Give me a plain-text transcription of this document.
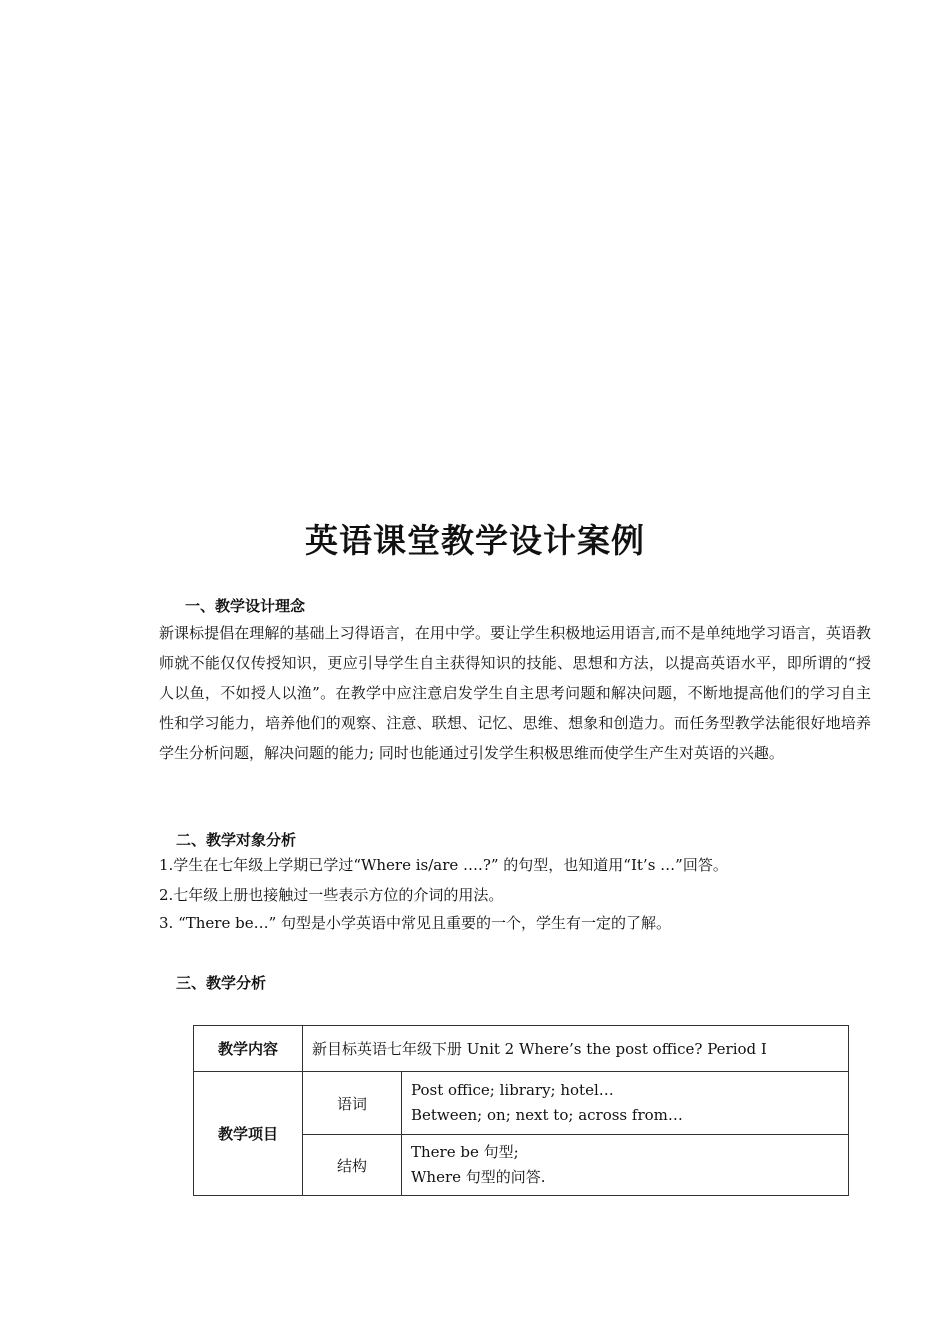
英语课堂教学设计案例
一、教学设计理念

新课标提倡在理解的基础上习得语言，在用中学。要让学生积极地运用语言,而不是单纯地学习语言，英语教师就不能仅仅传授知识，更应引导学生自主获得知识的技能、思想和方法，以提高英语水平，即所谓的“授人以鱼，不如授人以渔”。在教学中应注意启发学生自主思考问题和解决问题，不断地提高他们的学习自主性和学习能力，培养他们的观察、注意、联想、记忆、思维、想象和创造力。而任务型教学法能很好地培养学生分析问题，解决问题的能力; 同时也能通过引发学生积极思维而使学生产生对英语的兴趣。

二、教学对象分析

1.学生在七年级上学期已学过“Where is/are ….?” 的句型，也知道用“It’s …”回答。

2.七年级上册也接触过一些表示方位的介词的用法。

3. “There be…” 句型是小学英语中常见且重要的一个，学生有一定的了解。

三、教学分析
教学内容	新目标英语七年级下册 Unit 2 Where’s the post office? Period I	
教学项目	语词	Post office; library; hotel…
Between; on; next to; across from…

	结构	There be 句型;
Where 句型的问答.
